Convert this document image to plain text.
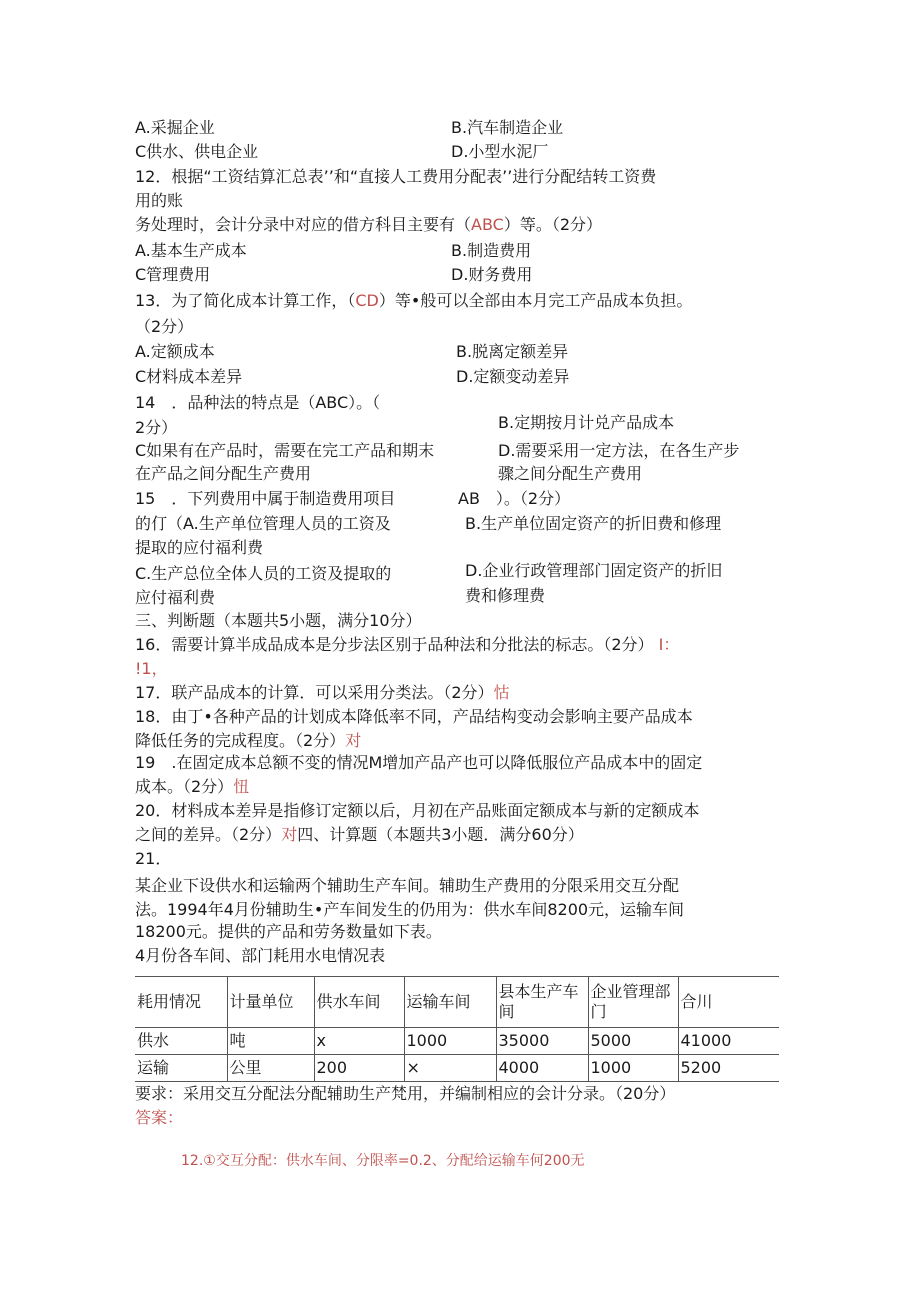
A.采掘企业	B.汽车制造企业
C供水、供电企业	D.小型水泥厂
12．根据“工资结算汇总表’’和“直接人工费用分配表’’进行分配结转工资费
用的账
务处理时，会计分录中对应的借方科目主要有（ABC）等。（2分）
A.基本生产成本	B.制造费用
C管理费用	D.财务费用
13．为了简化成本计算工作，（CD）等•般可以全部由本月完工产品成本负担。
（2分）
A.定额成本	B.脱离定额差异
C材料成本差异	D.定额变动差异
14　．品种法的特点是（ABC）。（
2分）	B.定期按月计兑产品成本
C如果有在产品时，需要在完工产品和期末
在产品之间分配生产费用
D.需要采用一定方法，在各生产步
骤之间分配生产费用
15　．下列费用中属于制造费用项目	AB　）。（2分）
的仃（A.生产单位管理人员的工资及
提取的应付福利费
B.生产单位固定资产的折旧费和修理
C.生产总位全体人员的工资及提取的
应付福利费
D.企业行政管理部门固定资产的折旧
费和修理费
三、判断题（本题共5小题，满分10分）
16．需要计算半成品成本是分步法区别于品种法和分批法的标志。（2分） I：
!1，
17．联产品成本的计算．可以采用分类法。（2分）怙
18．由丁•各种产品的计划成本降低率不同，产品结构变动会影响主要产品成本
降低任务的完成程度。（2分）对
19　.在固定成本总额不变的情况M增加产品产也可以降低服位产品成本中的固定
成本。（2分）忸
20．材料成本差异是指修订定额以后，月初在产品账面定额成本与新的定额成本
之间的差异。（2分）对四、计算题（本题共3小题．满分60分）
21．
某企业下设供水和运输两个辅助生产车间。辅助生产费用的分限采用交互分配
法。1994年4月份辅助生•产车间发生的仍用为：供水车间8200元，运输车间
18200元。提供的产品和劳务数量如下表。
4月份各车间、部门耗用水电情况表
耗用情况	计量单位	供水车间	运输车间	县本生产车间	企业管理部门	合川
供水	吨	x	1000	35000	5000	41000
运输	公里	200	×	4000	1000	5200
要求：采用交互分配法分配辅助生产梵用，并编制相应的会计分录。（20分）
答案：
12.①交互分配：供水车间、分限率=0.2、分配给运输车何200无
